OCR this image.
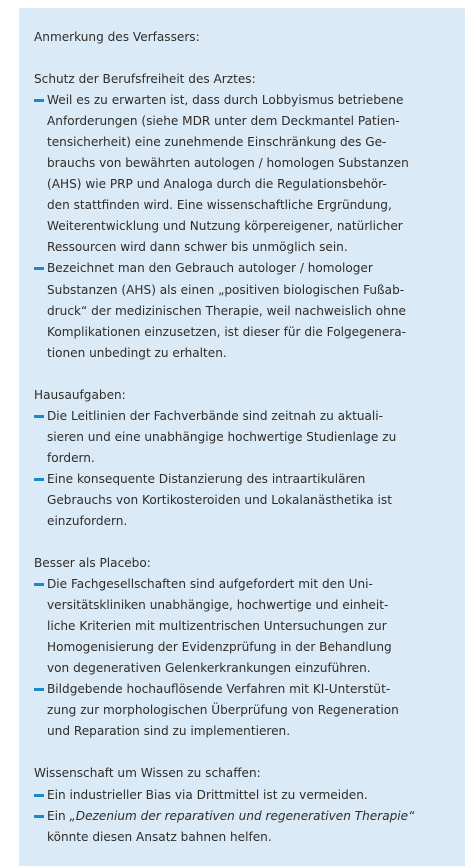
Anmerkung des Verfassers:
Schutz der Berufsfreiheit des Arztes:
Weil es zu erwarten ist, dass durch Lobbyismus betriebene
Anforderungen (siehe MDR unter dem Deckmantel Patien-
tensicherheit) eine zunehmende Einschränkung des Ge-
brauchs von bewährten autologen / homologen Substanzen
(AHS) wie PRP und Analoga durch die Regulationsbehör-
den stattfinden wird. Eine wissenschaftliche Ergründung,
Weiterentwicklung und Nutzung körpereigener, natürlicher
Ressourcen wird dann schwer bis unmöglich sein.
Bezeichnet man den Gebrauch autologer / homologer
Substanzen (AHS) als einen „positiven biologischen Fußab-
druck“ der medizinischen Therapie, weil nachweislich ohne
Komplikationen einzusetzen, ist dieser für die Folgegenera-
tionen unbedingt zu erhalten.
Hausaufgaben:
Die Leitlinien der Fachverbände sind zeitnah zu aktuali-
sieren und eine unabhängige hochwertige Studienlage zu
fordern.
Eine konsequente Distanzierung des intraartikulären
Gebrauchs von Kortikosteroiden und Lokalanästhetika ist
einzufordern.
Besser als Placebo:
Die Fachgesellschaften sind aufgefordert mit den Uni-
versitätskliniken unabhängige, hochwertige und einheit-
liche Kriterien mit multizentrischen Untersuchungen zur
Homogenisierung der Evidenzprüfung in der Behandlung
von degenerativen Gelenkerkrankungen einzuführen.
Bildgebende hochauflösende Verfahren mit KI-Unterstüt-
zung zur morphologischen Überprüfung von Regeneration
und Reparation sind zu implementieren.
Wissenschaft um Wissen zu schaffen:
Ein industrieller Bias via Drittmittel ist zu vermeiden.
Ein „Dezenium der reparativen und regenerativen Therapie“
könnte diesen Ansatz bahnen helfen.
